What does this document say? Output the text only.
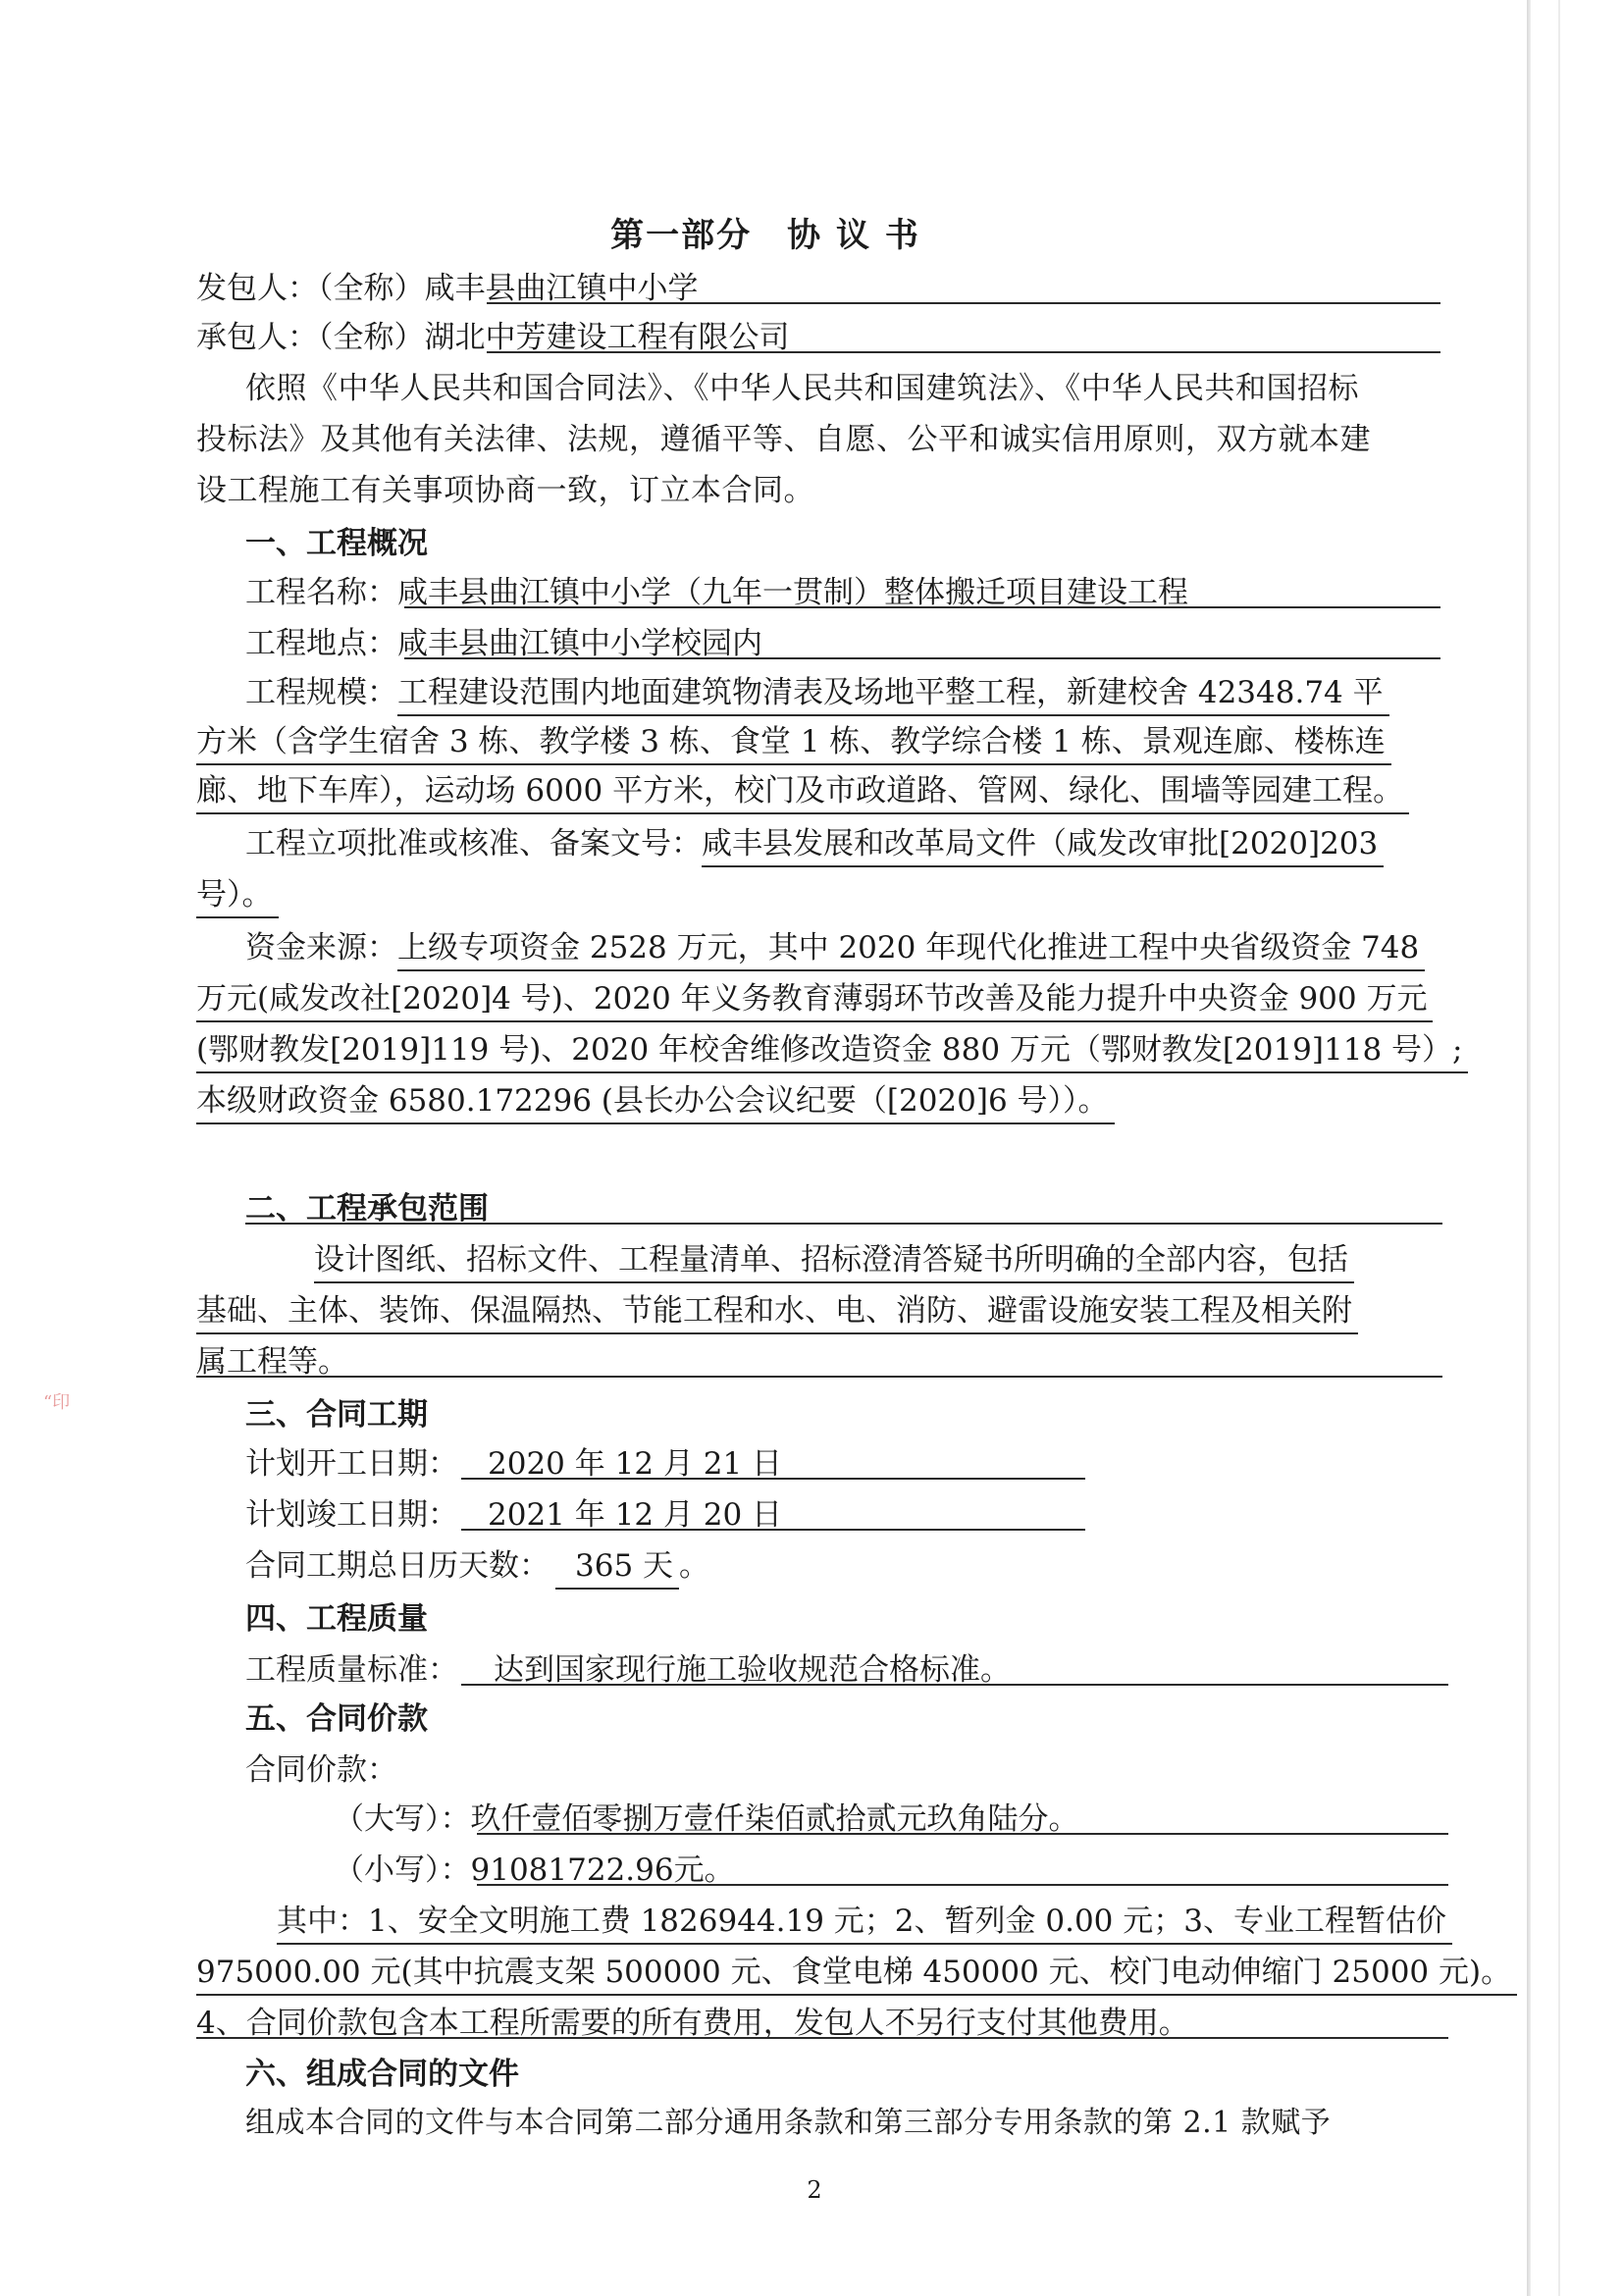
第一部分　协 议 书
发包人：（全称）咸丰县曲江镇中小学
承包人：（全称）湖北中芳建设工程有限公司
依照《中华人民共和国合同法》、《中华人民共和国建筑法》、《中华人民共和国招标
投标法》及其他有关法律、法规，遵循平等、自愿、公平和诚实信用原则，双方就本建
设工程施工有关事项协商一致，订立本合同。
一、工程概况
工程名称：咸丰县曲江镇中小学（九年一贯制）整体搬迁项目建设工程
工程地点：咸丰县曲江镇中小学校园内
工程规模：工程建设范围内地面建筑物清表及场地平整工程，新建校舍 42348.74 平
方米（含学生宿舍 3 栋、教学楼 3 栋、食堂 1 栋、教学综合楼 1 栋、景观连廊、楼栋连
廊、地下车库），运动场 6000 平方米，校门及市政道路、管网、绿化、围墙等园建工程。
工程立项批准或核准、备案文号：咸丰县发展和改革局文件（咸发改审批[2020]203
号）。
资金来源：上级专项资金 2528 万元，其中 2020 年现代化推进工程中央省级资金 748
万元(咸发改社[2020]4 号)、2020 年义务教育薄弱环节改善及能力提升中央资金 900 万元
(鄂财教发[2019]119 号)、2020 年校舍维修改造资金 880 万元（鄂财教发[2019]118 号）;
本级财政资金 6580.172296 (县长办公会议纪要（[2020]6 号））。
二、工程承包范围
设计图纸、招标文件、工程量清单、招标澄清答疑书所明确的全部内容，包括
基础、主体、装饰、保温隔热、节能工程和水、电、消防、避雷设施安装工程及相关附
属工程等。
“印	三、合同工期
计划开工日期： 2020 年 12 月 21 日
计划竣工日期： 2021 年 12 月 20 日
合同工期总日历天数： 365 天 。
四、工程质量
工程质量标准： 达到国家现行施工验收规范合格标准。
五、合同价款
合同价款：
（大写）：玖仟壹佰零捌万壹仟柒佰贰拾贰元玖角陆分。
（小写）：91081722.96元。
其中：1、安全文明施工费 1826944.19 元；2、暂列金 0.00 元；3、专业工程暂估价
975000.00 元(其中抗震支架 500000 元、食堂电梯 450000 元、校门电动伸缩门 25000 元)。
4、合同价款包含本工程所需要的所有费用，发包人不另行支付其他费用。
六、组成合同的文件
组成本合同的文件与本合同第二部分通用条款和第三部分专用条款的第 2.1 款赋予
2
